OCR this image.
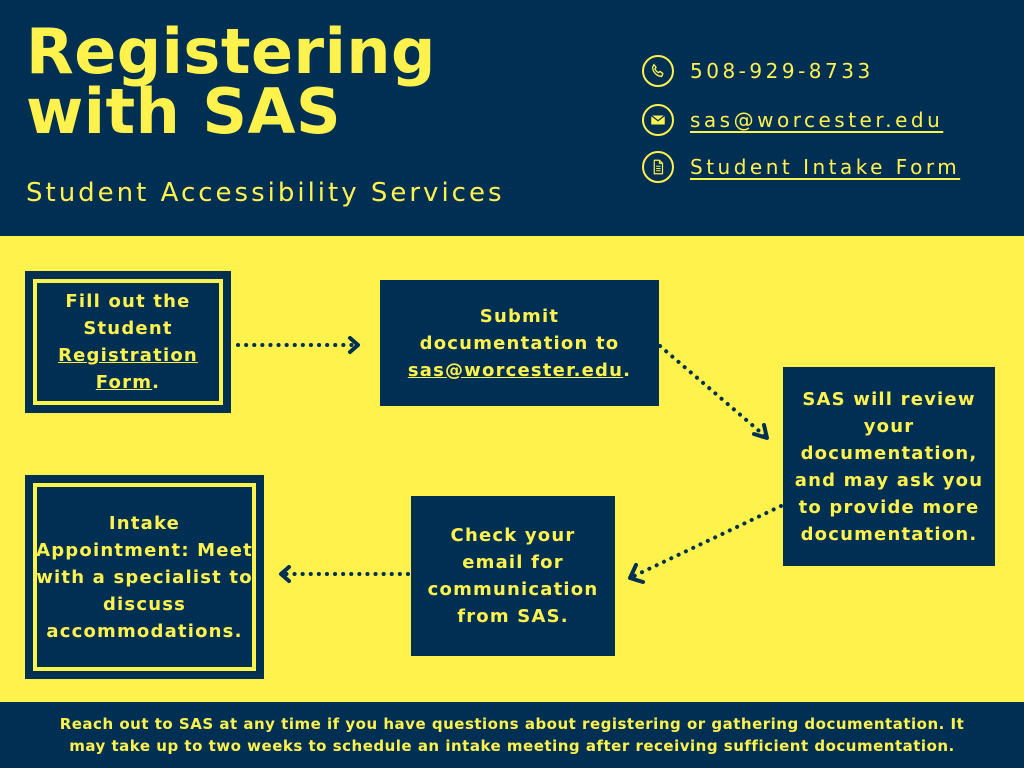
Registering
with SAS
Student Accessibility Services
508-929-8733
sas@worcester.edu
Student Intake Form
Fill out the Student Registration Form.
Submit documentation to sas@worcester.edu.
SAS will review your documentation, and may ask you to provide more documentation.
Check your email for communication from SAS.
Intake Appointment: Meet with a specialist to discuss accommodations.
Reach out to SAS at any time if you have questions about registering or gathering documentation. It may take up to two weeks to schedule an intake meeting after receiving sufficient documentation.
